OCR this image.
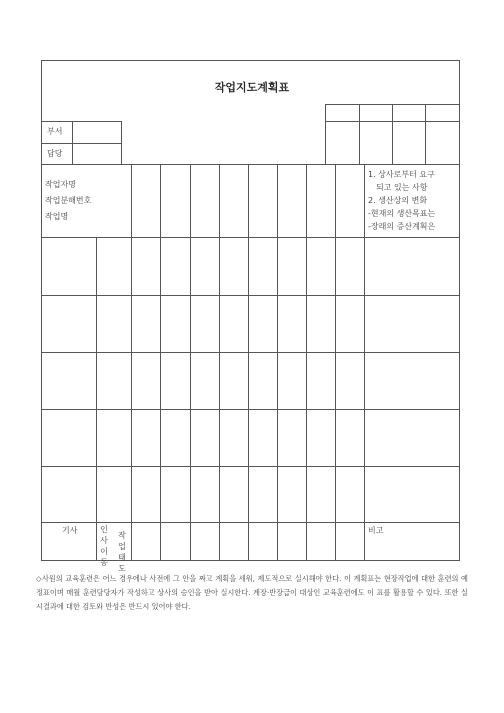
작업지도계획표
부서
담당
작업자명
작업분해번호
작업명
1. 상사로부터 요구
되고 있는 사항
2. 생산상의 변화
-현재의 생산목표는
-장래의 증산계획은
기사	인사이동
작업태도
비고
◇사원의 교육훈련은 어느 경우에나 사전에 그 안을 짜고 계획을 세워, 제도적으로 실시해야 한다. 이 계획표는 현장작업에 대한 훈련의 예정표이며 매월 훈련담당자가 작성하고 상사의 승인을 받아 실시한다. 계장·반장급이 대상인 교육훈련에도 이 표를 활용할 수 있다. 또한 실시결과에 대한 검토와 반성은 반드시 있어야 한다.
